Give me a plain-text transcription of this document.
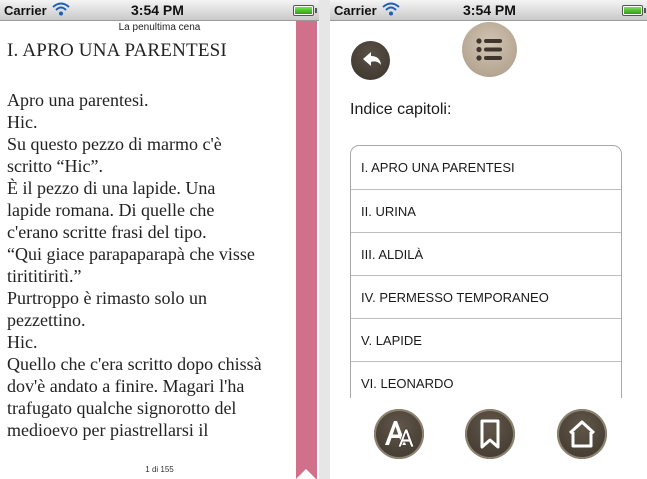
Carrier	3:54 PM
La penultima cena
I. APRO UNA PARENTESI
Apro una parentesi.
Hic.
Su questo pezzo di marmo c'è
scritto “Hic”.
È il pezzo di una lapide. Una
lapide romana. Di quelle che
c'erano scritte frasi del tipo.
“Qui giace parapaparapà che visse
tirititiritì.”
Purtroppo è rimasto solo un
pezzettino.
Hic.
Quello che c'era scritto dopo chissà
dov'è andato a finire. Magari l'ha
trafugato qualche signorotto del
medioevo per piastrellarsi il
1 di 155
Carrier	3:54 PM
Indice capitoli:
I. APRO UNA PARENTESI
II. URINA
III. ALDILÀ
IV. PERMESSO TEMPORANEO
V. LAPIDE
VI. LEONARDO
